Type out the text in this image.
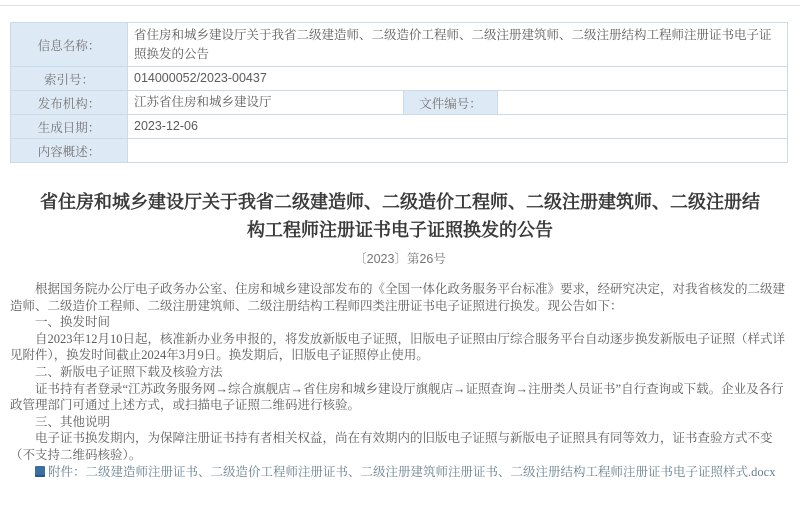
信息名称：	省住房和城乡建设厅关于我省二级建造师、二级造价工程师、二级注册建筑师、二级注册结构工程师注册证书电子证照换发的公告		
索引号：	014000052/2023-00437		
发布机构：	江苏省住房和城乡建设厅	文件编号：	
生成日期：	2023-12-06		
内容概述：			
省住房和城乡建设厅关于我省二级建造师、二级造价工程师、二级注册建筑师、二级注册结构工程师注册证书电子证照换发的公告
〔2023〕第26号

根据国务院办公厅电子政务办公室、住房和城乡建设部发布的《全国一体化政务服务平台标准》要求，经研究决定，对我省核发的二级建造师、二级造价工程师、二级注册建筑师、二级注册结构工程师四类注册证书电子证照进行换发。现公告如下：

一、换发时间

自2023年12月10日起，核准新办业务申报的，将发放新版电子证照，旧版电子证照由厅综合服务平台自动逐步换发新版电子证照（样式详见附件），换发时间截止2024年3月9日。换发期后，旧版电子证照停止使用。

二、新版电子证照下载及核验方法

证书持有者登录“江苏政务服务网→综合旗舰店→省住房和城乡建设厅旗舰店→证照查询→注册类人员证书”自行查询或下载。企业及各行政管理部门可通过上述方式，或扫描电子证照二维码进行核验。

三、其他说明

电子证书换发期内，为保障注册证书持有者相关权益，尚在有效期内的旧版电子证照与新版电子证照具有同等效力，证书查验方式不变（不支持二维码核验）。

附件：二级建造师注册证书、二级造价工程师注册证书、二级注册建筑师注册证书、二级注册结构工程师注册证书电子证照样式.docx
